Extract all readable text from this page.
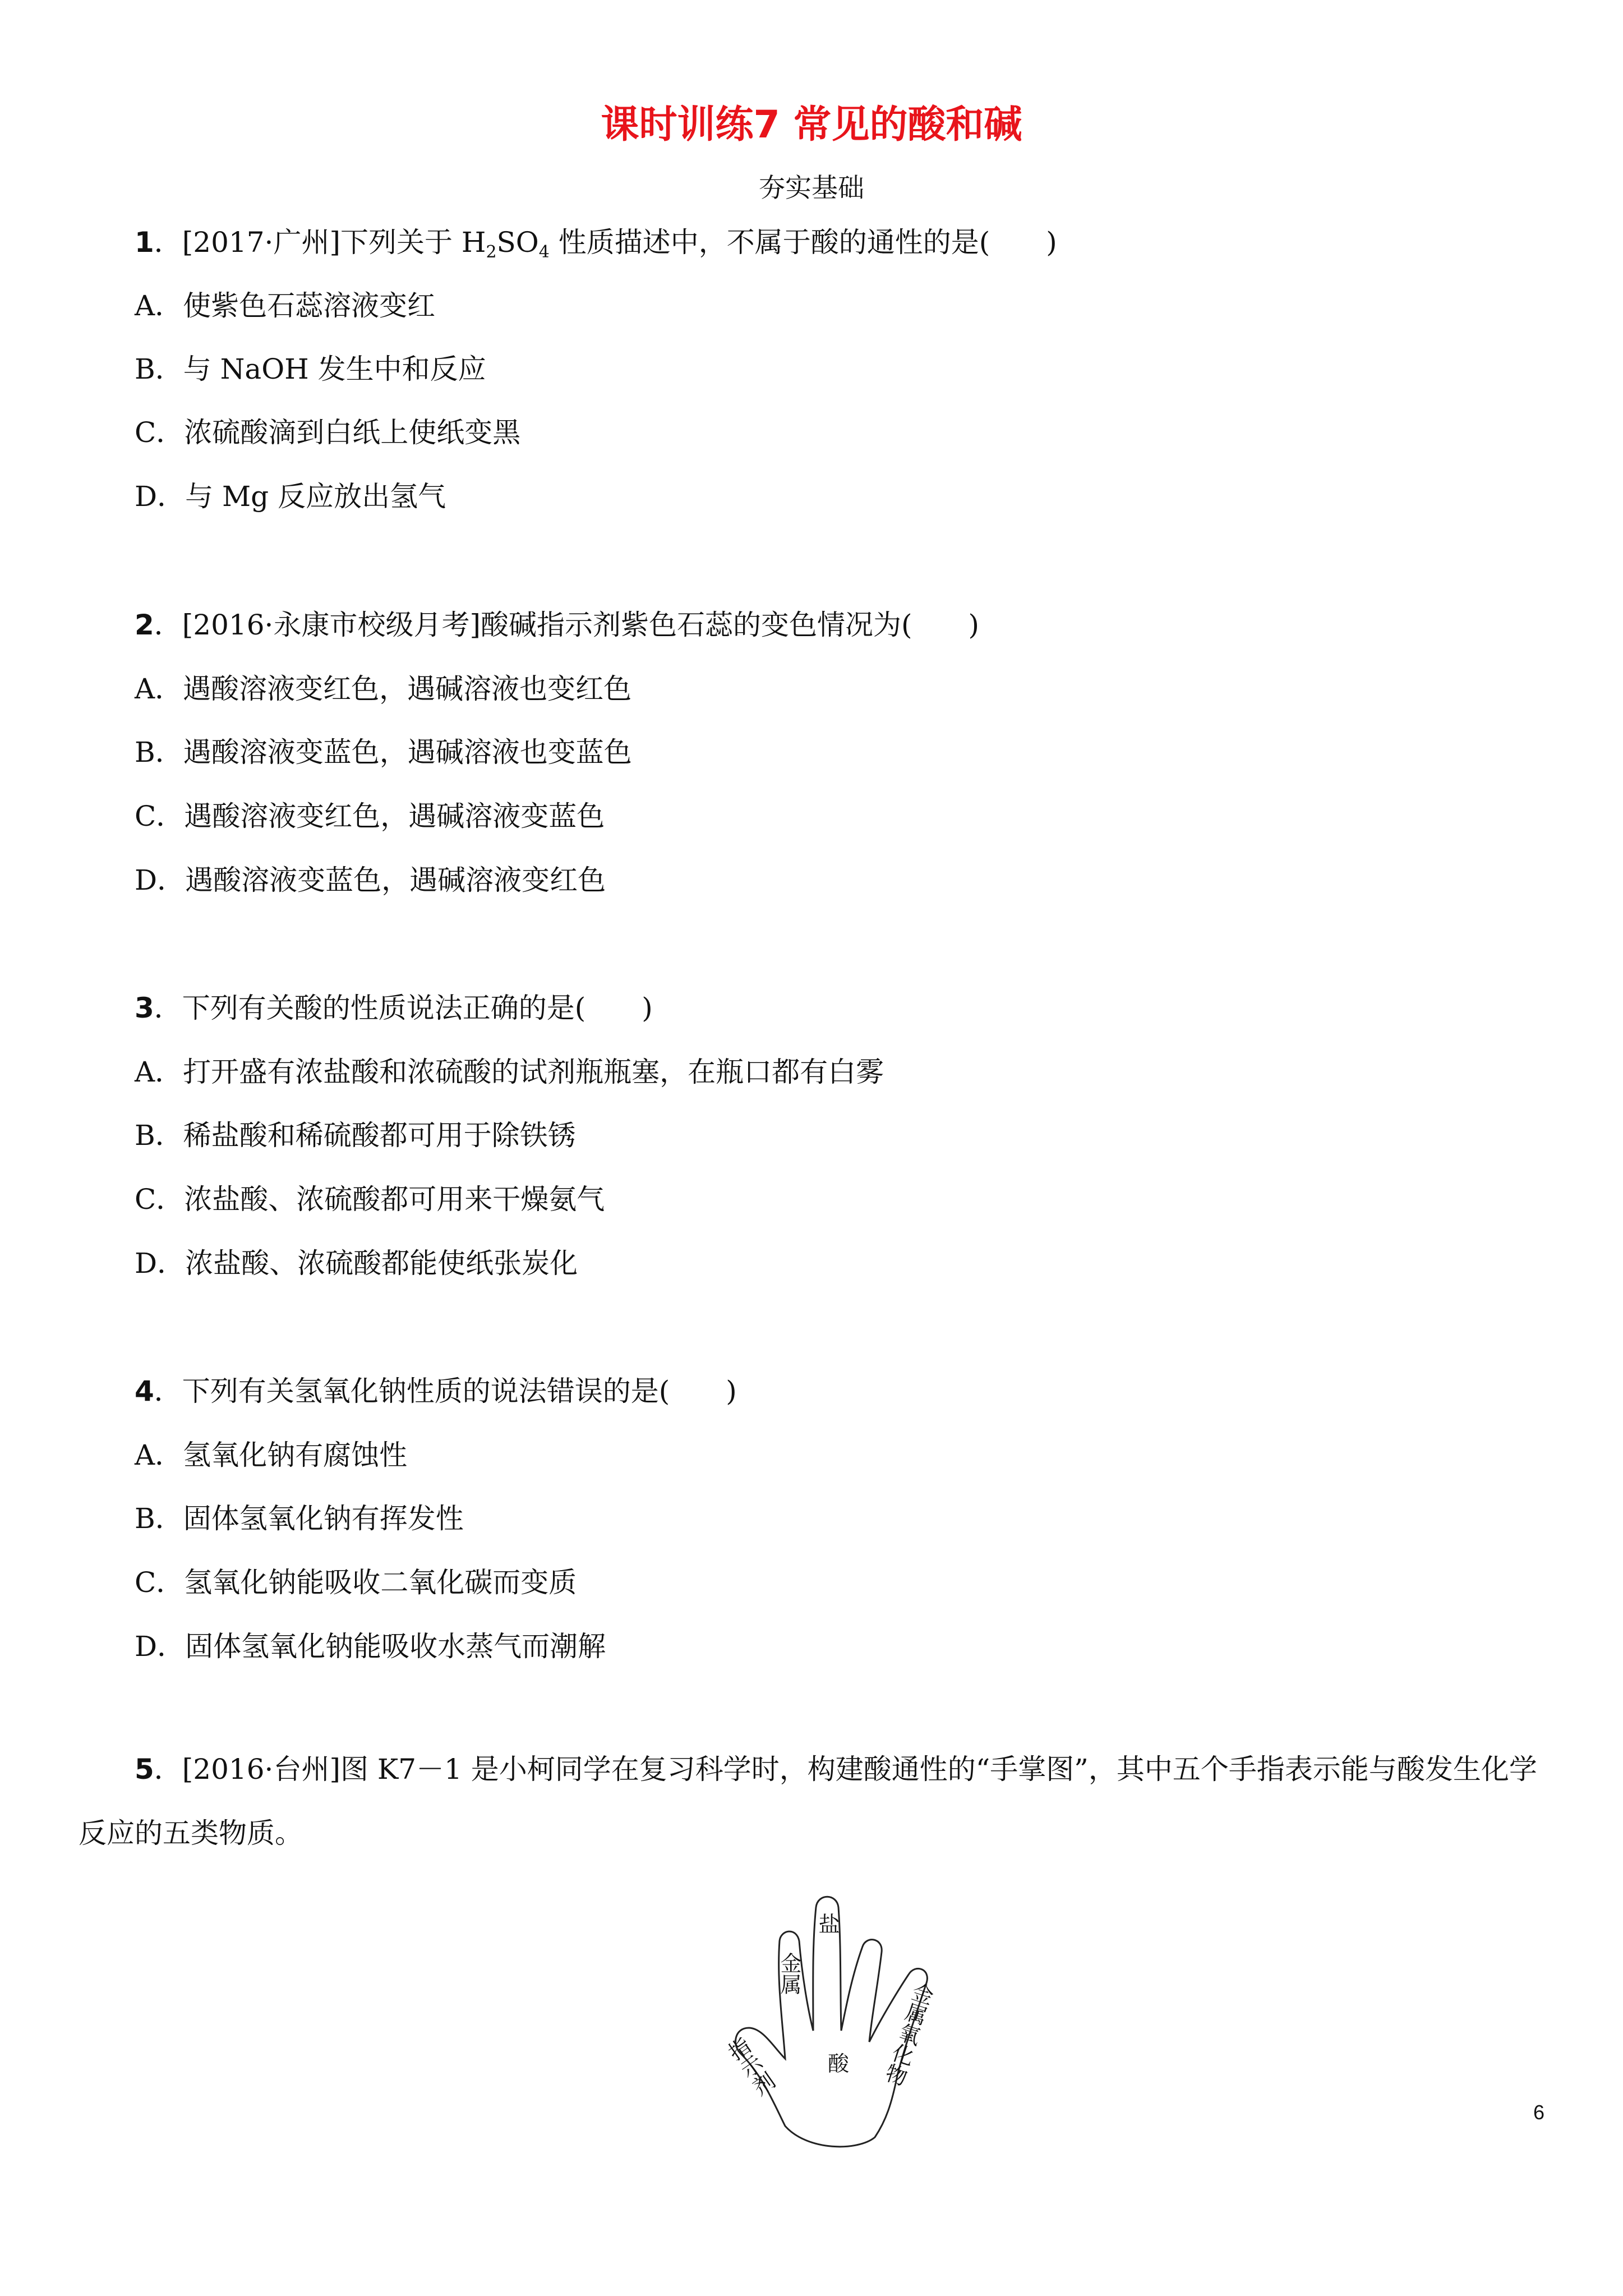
课时训练7 常见的酸和碱
夯实基础
1．[2017·广州]下列关于 $H_2SO_4$ 性质描述中，不属于酸的通性的是(　　)
A．使紫色石蕊溶液变红
B．与 NaOH 发生中和反应
C．浓硫酸滴到白纸上使纸变黑
D．与 Mg 反应放出氢气
2．[2016·永康市校级月考]酸碱指示剂紫色石蕊的变色情况为(　　)
A．遇酸溶液变红色，遇碱溶液也变红色
B．遇酸溶液变蓝色，遇碱溶液也变蓝色
C．遇酸溶液变红色，遇碱溶液变蓝色
D．遇酸溶液变蓝色，遇碱溶液变红色
3．下列有关酸的性质说法正确的是(　　)
A．打开盛有浓盐酸和浓硫酸的试剂瓶瓶塞，在瓶口都有白雾
B．稀盐酸和稀硫酸都可用于除铁锈
C．浓盐酸、浓硫酸都可用来干燥氨气
D．浓盐酸、浓硫酸都能使纸张炭化
4．下列有关氢氧化钠性质的说法错误的是(　　)
A．氢氧化钠有腐蚀性
B．固体氢氧化钠有挥发性
C．氢氧化钠能吸收二氧化碳而变质
D．固体氢氧化钠能吸收水蒸气而潮解
5．[2016·台州]图 K7－1 是小柯同学在复习科学时，构建酸通性的“手掌图”，其中五个手指表示能与酸发生化学反应的五类物质。
指示剂
金属
盐
金属氧化物
酸
6
